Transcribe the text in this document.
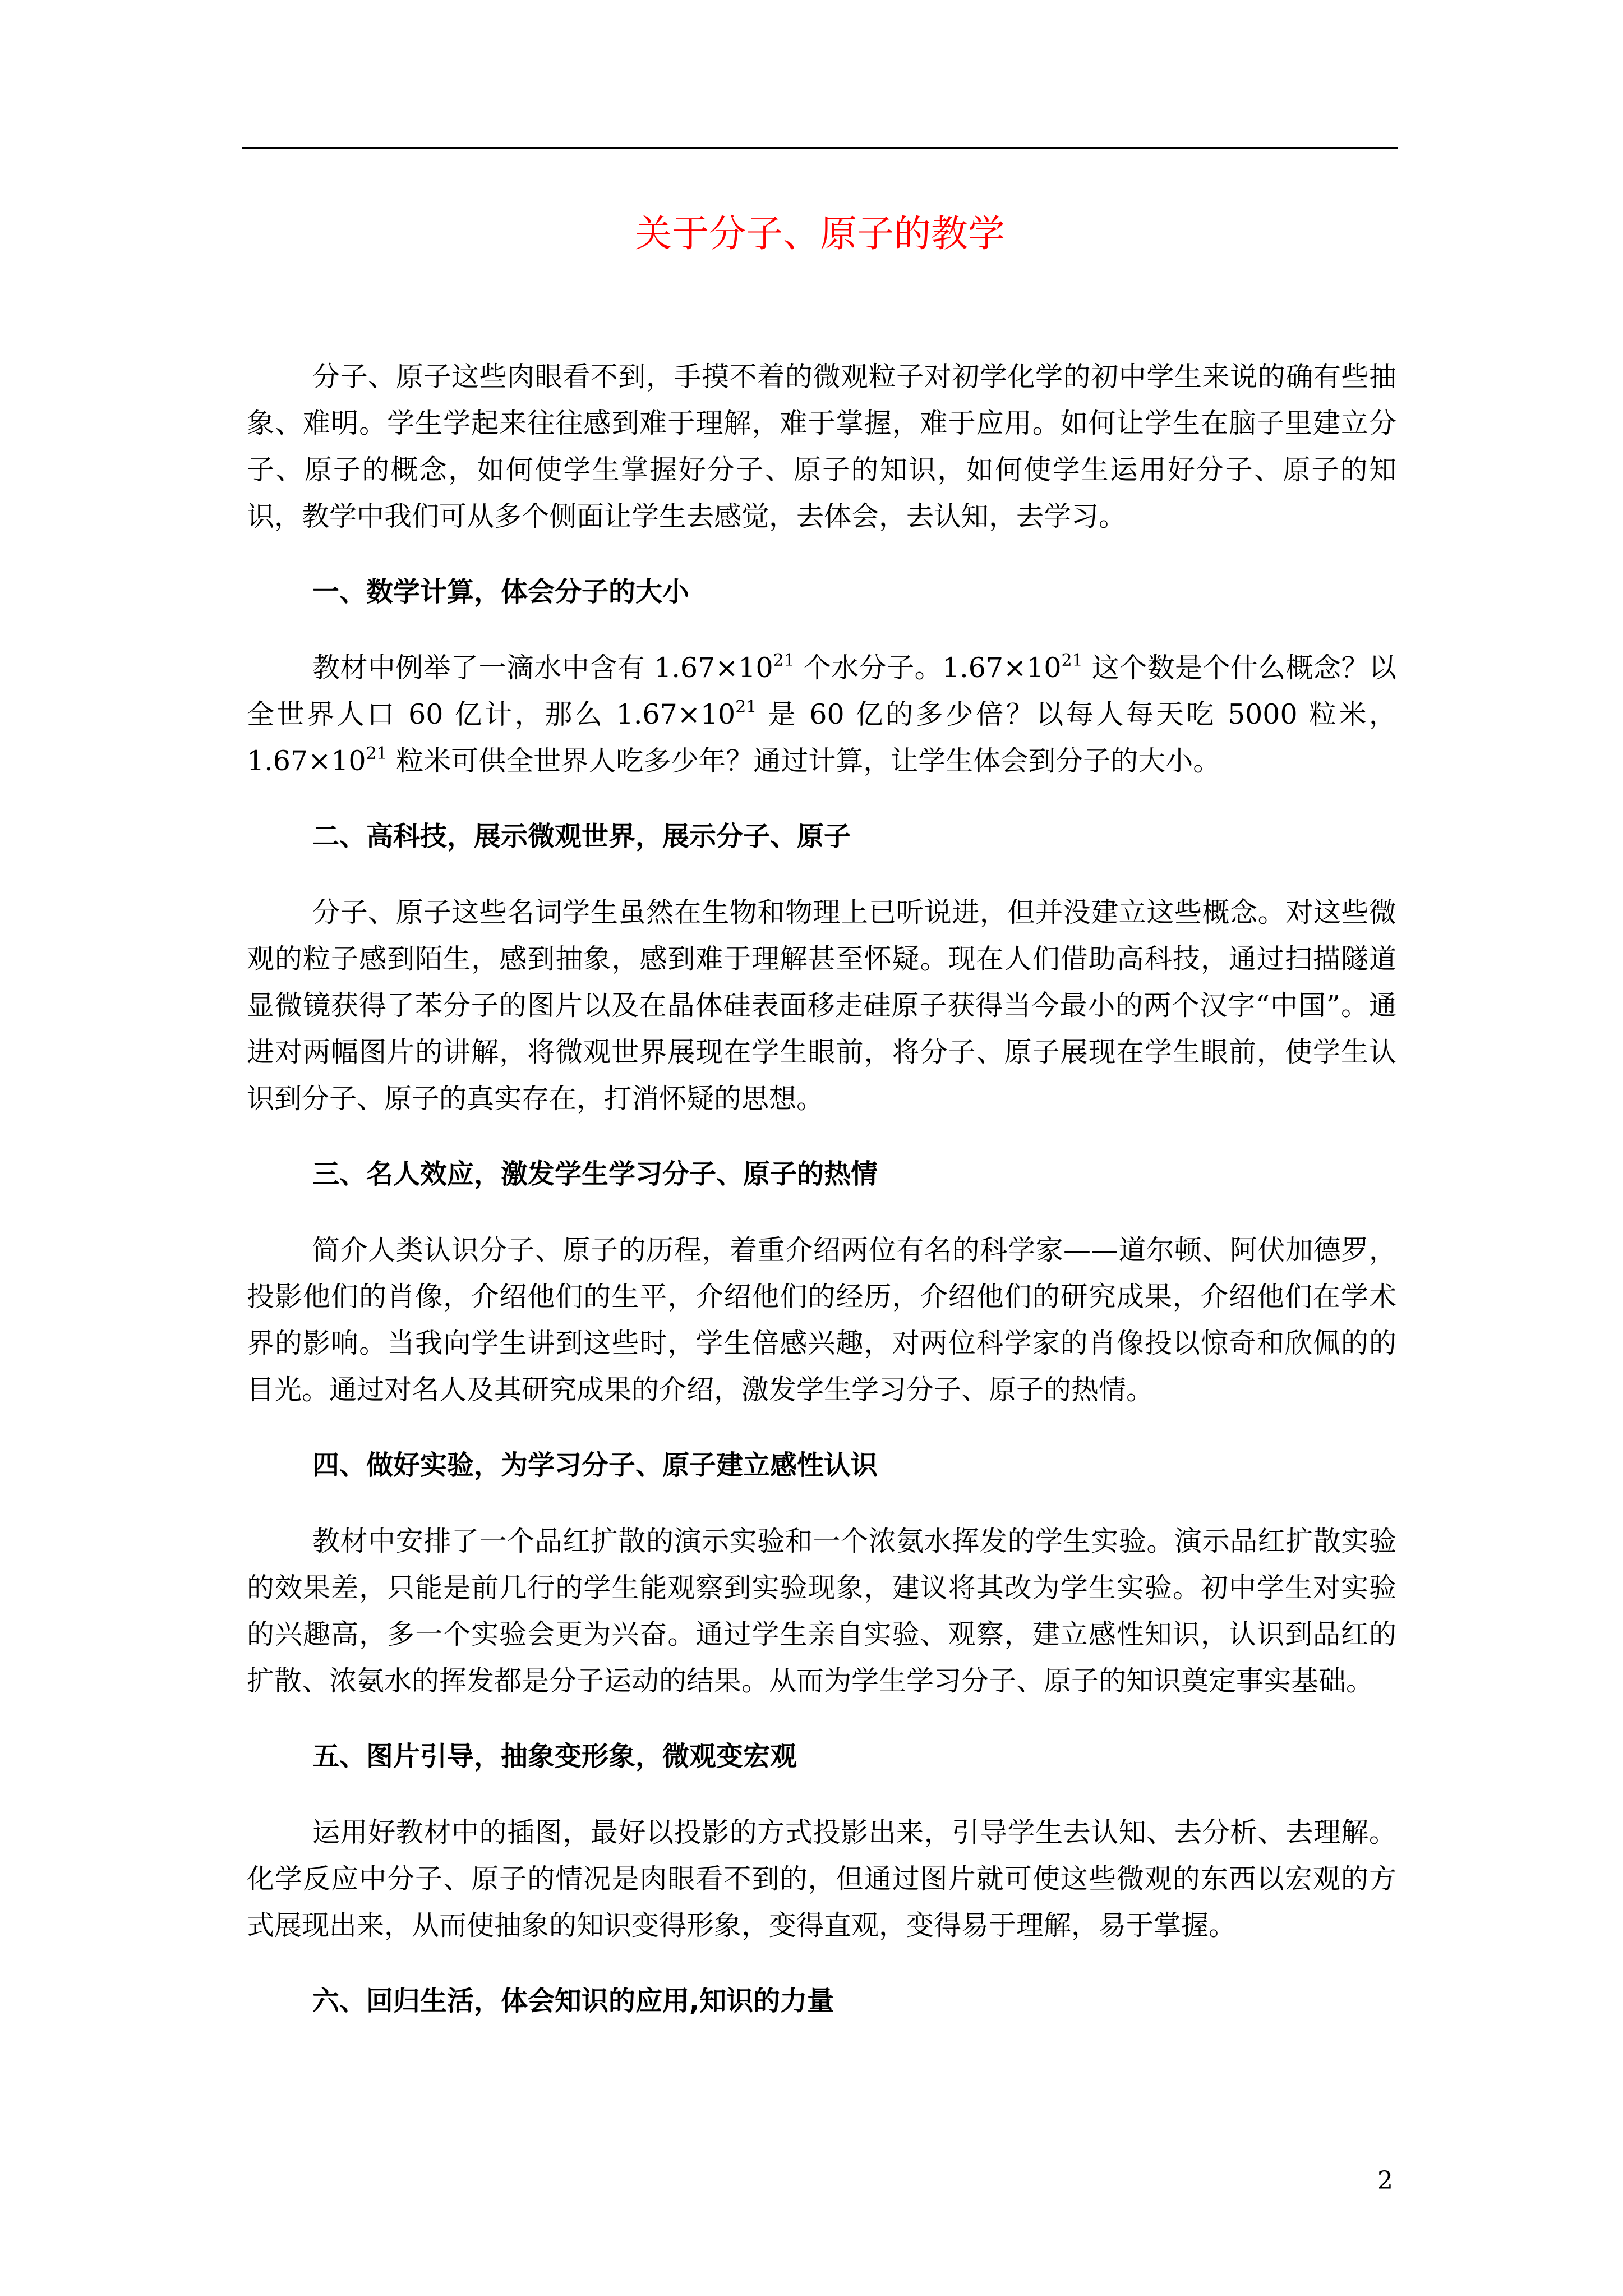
关于分子、原子的教学

分子、原子这些肉眼看不到，手摸不着的微观粒子对初学化学的初中学生来说的确有些抽象、难明。学生学起来往往感到难于理解，难于掌握，难于应用。如何让学生在脑子里建立分子、原子的概念，如何使学生掌握好分子、原子的知识，如何使学生运用好分子、原子的知识，教学中我们可从多个侧面让学生去感觉，去体会，去认知，去学习。

一、数学计算，体会分子的大小

教材中例举了一滴水中含有 $1.67\times 10^{21}$ 个水分子。$1.67\times 10^{21}$ 这个数是个什么概念？以全世界人口 60 亿计，那么 $1.67\times 10^{21}$ 是 60 亿的多少倍？以每人每天吃 5000 粒米，$1.67\times 10^{21}$ 粒米可供全世界人吃多少年？通过计算，让学生体会到分子的大小。

二、高科技，展示微观世界，展示分子、原子

分子、原子这些名词学生虽然在生物和物理上已听说进，但并没建立这些概念。对这些微观的粒子感到陌生，感到抽象，感到难于理解甚至怀疑。现在人们借助高科技，通过扫描隧道显微镜获得了苯分子的图片以及在晶体硅表面移走硅原子获得当今最小的两个汉字“中国”。通进对两幅图片的讲解，将微观世界展现在学生眼前，将分子、原子展现在学生眼前，使学生认识到分子、原子的真实存在，打消怀疑的思想。

三、名人效应，激发学生学习分子、原子的热情

简介人类认识分子、原子的历程，着重介绍两位有名的科学家——道尔顿、阿伏加德罗，投影他们的肖像，介绍他们的生平，介绍他们的经历，介绍他们的研究成果，介绍他们在学术界的影响。当我向学生讲到这些时，学生倍感兴趣，对两位科学家的肖像投以惊奇和欣佩的的目光。通过对名人及其研究成果的介绍，激发学生学习分子、原子的热情。

四、做好实验，为学习分子、原子建立感性认识

教材中安排了一个品红扩散的演示实验和一个浓氨水挥发的学生实验。演示品红扩散实验的效果差，只能是前几行的学生能观察到实验现象，建议将其改为学生实验。初中学生对实验的兴趣高，多一个实验会更为兴奋。通过学生亲自实验、观察，建立感性知识，认识到品红的扩散、浓氨水的挥发都是分子运动的结果。从而为学生学习分子、原子的知识奠定事实基础。

五、图片引导，抽象变形象，微观变宏观

运用好教材中的插图，最好以投影的方式投影出来，引导学生去认知、去分析、去理解。化学反应中分子、原子的情况是肉眼看不到的，但通过图片就可使这些微观的东西以宏观的方式展现出来，从而使抽象的知识变得形象，变得直观，变得易于理解，易于掌握。

六、回归生活，体会知识的应用,知识的力量

2
